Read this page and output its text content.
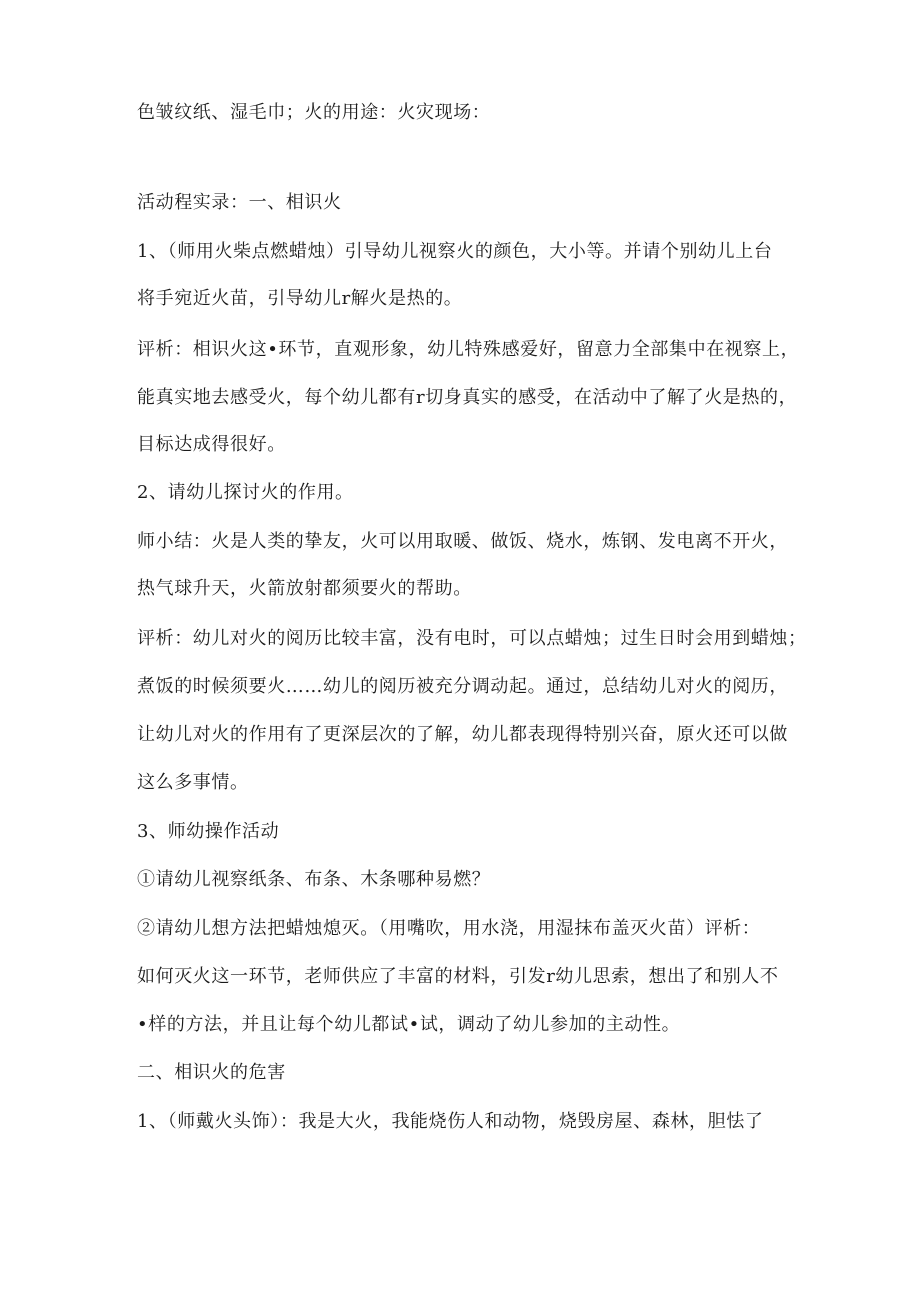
色皱纹纸、湿毛巾；火的用途：火灾现场：
活动程实录：一、相识火
1、（师用火柴点燃蜡烛）引导幼儿视察火的颜色，大小等。并请个别幼儿上台
将手宛近火苗，引导幼儿r解火是热的。
评析：相识火这•环节，直观形象，幼儿特殊感爱好，留意力全部集中在视察上，
能真实地去感受火，每个幼儿都有r切身真实的感受，在活动中了解了火是热的，
目标达成得很好。
2、请幼儿探讨火的作用。
师小结：火是人类的挚友，火可以用取暖、做饭、烧水，炼钢、发电离不开火，
热气球升天，火箭放射都须要火的帮助。
评析：幼儿对火的阅历比较丰富，没有电时，可以点蜡烛；过生日时会用到蜡烛；
煮饭的时候须要火……幼儿的阅历被充分调动起。通过，总结幼儿对火的阅历，
让幼儿对火的作用有了更深层次的了解，幼儿都表现得特别兴奋，原火还可以做
这么多事情。
3、师幼操作活动
①请幼儿视察纸条、布条、木条哪种易燃？
②请幼儿想方法把蜡烛熄灭。（用嘴吹，用水浇，用湿抹布盖灭火苗）评析：
如何灭火这一环节，老师供应了丰富的材料，引发r幼儿思索，想出了和别人不
•样的方法，并且让每个幼儿都试•试，调动了幼儿参加的主动性。
二、相识火的危害
1、（师戴火头饰）：我是大火，我能烧伤人和动物，烧毁房屋、森林，胆怯了
